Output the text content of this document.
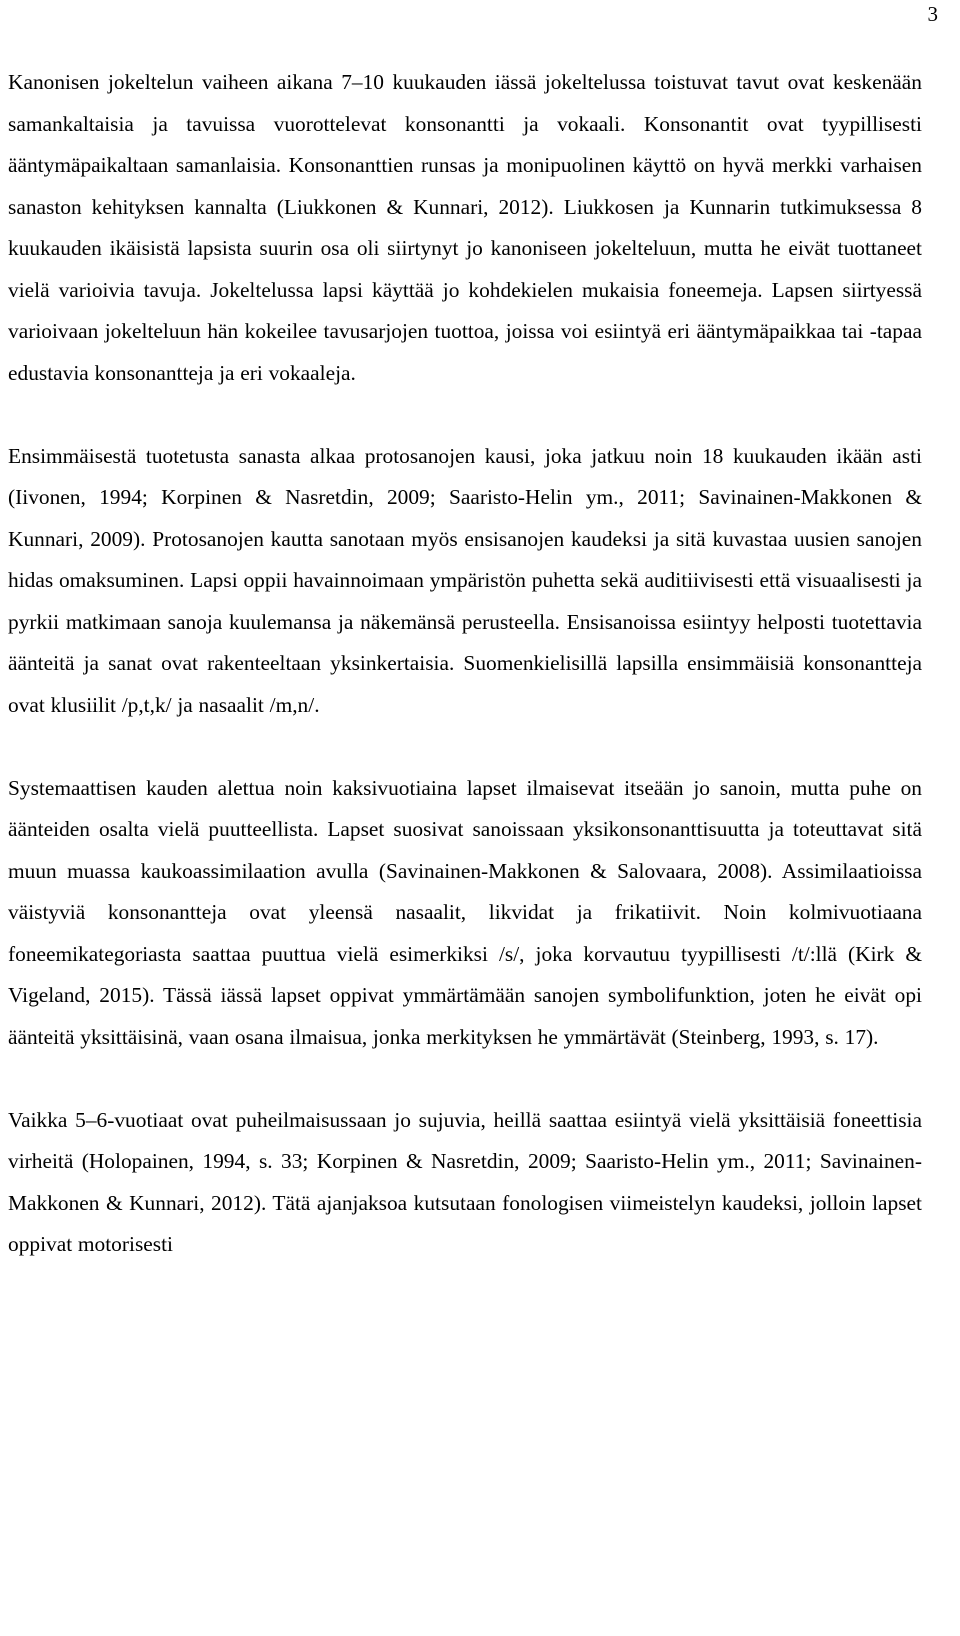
3

Kanonisen jokeltelun vaiheen aikana 7–10 kuukauden iässä jokeltelussa toistuvat tavut ovat keskenään samankaltaisia ja tavuissa vuorottelevat konsonantti ja vokaali. Konsonantit ovat tyypillisesti ääntymäpaikaltaan samanlaisia. Konsonanttien runsas ja monipuolinen käyttö on hyvä merkki varhaisen sanaston kehityksen kannalta (Liukkonen & Kunnari, 2012). Liukkosen ja Kunnarin tutkimuksessa 8 kuukauden ikäisistä lapsista suurin osa oli siirtynyt jo kanoniseen jokelteluun, mutta he eivät tuottaneet vielä varioivia tavuja. Jokeltelussa lapsi käyttää jo kohdekielen mukaisia foneemeja. Lapsen siirtyessä varioivaan jokelteluun hän kokeilee tavusarjojen tuottoa, joissa voi esiintyä eri ääntymäpaikkaa tai -tapaa edustavia konsonantteja ja eri vokaaleja.

Ensimmäisestä tuotetusta sanasta alkaa protosanojen kausi, joka jatkuu noin 18 kuukauden ikään asti (Iivonen, 1994; Korpinen & Nasretdin, 2009; Saaristo-Helin ym., 2011; Savinainen-Makkonen & Kunnari, 2009). Protosanojen kautta sanotaan myös ensisanojen kaudeksi ja sitä kuvastaa uusien sanojen hidas omaksuminen. Lapsi oppii havainnoimaan ympäristön puhetta sekä auditiivisesti että visuaalisesti ja pyrkii matkimaan sanoja kuulemansa ja näkemänsä perusteella. Ensisanoissa esiintyy helposti tuotettavia äänteitä ja sanat ovat rakenteeltaan yksinkertaisia. Suomenkielisillä lapsilla ensimmäisiä konsonantteja ovat klusiilit /p,t,k/ ja nasaalit /m,n/.

Systemaattisen kauden alettua noin kaksivuotiaina lapset ilmaisevat itseään jo sanoin, mutta puhe on äänteiden osalta vielä puutteellista. Lapset suosivat sanoissaan yksikonsonanttisuutta ja toteuttavat sitä muun muassa kaukoassimilaation avulla (Savinainen-Makkonen & Salovaara, 2008). Assimilaatioissa väistyviä konsonantteja ovat yleensä nasaalit, likvidat ja frikatiivit. Noin kolmivuotiaana foneemikategoriasta saattaa puuttua vielä esimerkiksi /s/, joka korvautuu tyypillisesti /t/:llä (Kirk & Vigeland, 2015). Tässä iässä lapset oppivat ymmärtämään sanojen symbolifunktion, joten he eivät opi äänteitä yksittäisinä, vaan osana ilmaisua, jonka merkityksen he ymmärtävät (Steinberg, 1993, s. 17).

Vaikka 5–6-vuotiaat ovat puheilmaisussaan jo sujuvia, heillä saattaa esiintyä vielä yksittäisiä foneettisia virheitä (Holopainen, 1994, s. 33; Korpinen & Nasretdin, 2009; Saaristo-Helin ym., 2011; Savinainen-Makkonen & Kunnari, 2012). Tätä ajanjaksoa kutsutaan fonologisen viimeistelyn kaudeksi, jolloin lapset oppivat motorisesti
